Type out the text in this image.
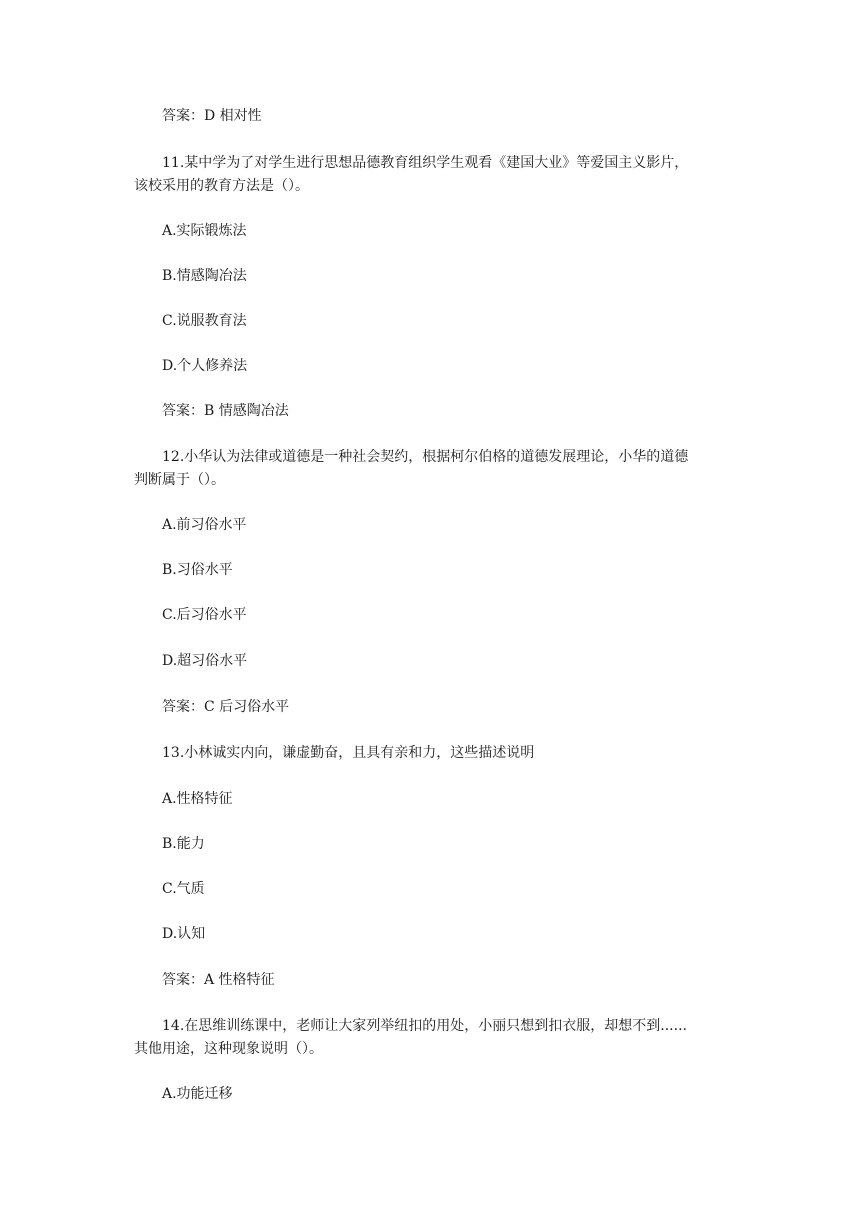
答案：D 相对性
11.某中学为了对学生进行思想品德教育组织学生观看《建国大业》等爱国主义影片，
该校采用的教育方法是（）。
A.实际锻炼法
B.情感陶冶法
C.说服教育法
D.个人修养法
答案：B 情感陶冶法
12.小华认为法律或道德是一种社会契约，根据柯尔伯格的道德发展理论，小华的道德
判断属于（）。
A.前习俗水平
B.习俗水平
C.后习俗水平
D.超习俗水平
答案：C 后习俗水平
13.小林诚实内向，谦虚勤奋，且具有亲和力，这些描述说明
A.性格特征
B.能力
C.气质
D.认知
答案：A 性格特征
14.在思维训练课中，老师让大家列举纽扣的用处，小丽只想到扣衣服，却想不到......
其他用途，这种现象说明（）。
A.功能迁移
